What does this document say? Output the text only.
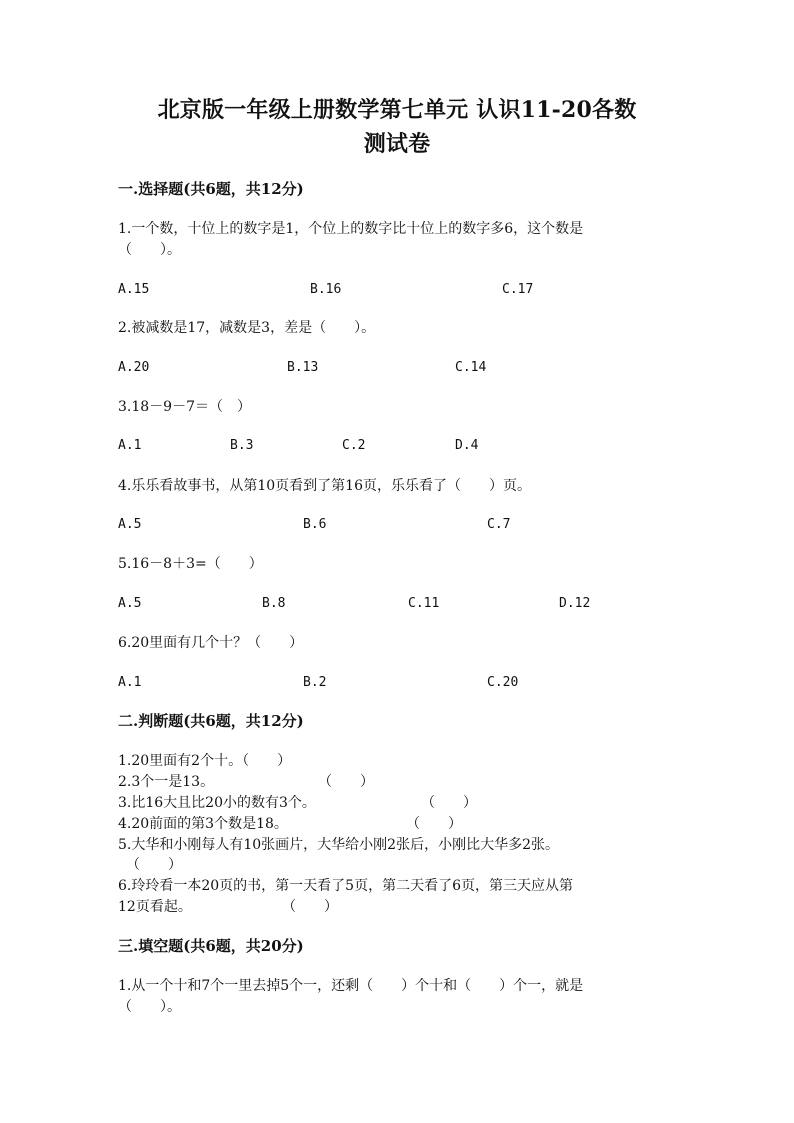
北京版一年级上册数学第七单元 认识11-20各数
测试卷
一.选择题(共6题，共12分)
1.一个数，十位上的数字是1，个位上的数字比十位上的数字多6，这个数是
（　　）。
A.15	B.16	C.17
2.被减数是17，减数是3，差是（　　）。
A.20	B.13	C.14
3.18－9－7＝（　）
A.1	B.3	C.2	D.4
4.乐乐看故事书，从第10页看到了第16页，乐乐看了（　　）页。
A.5	B.6	C.7
5.16－8＋3=（　　）
A.5	B.8	C.11	D.12
6.20里面有几个十？（　　）
A.1	B.2	C.20
二.判断题(共6题，共12分)
1.20里面有2个十。（　　）
2.3个一是13。	（　　）
3.比16大且比20小的数有3个。	（　　）
4.20前面的第3个数是18。	（　　）
5.大华和小刚每人有10张画片，大华给小刚2张后，小刚比大华多2张。
（　　）
6.玲玲看一本20页的书，第一天看了5页，第二天看了6页，第三天应从第
12页看起。	（　　）
三.填空题(共6题，共20分)
1.从一个十和7个一里去掉5个一，还剩（　　）个十和（　　）个一，就是
（　　）。
